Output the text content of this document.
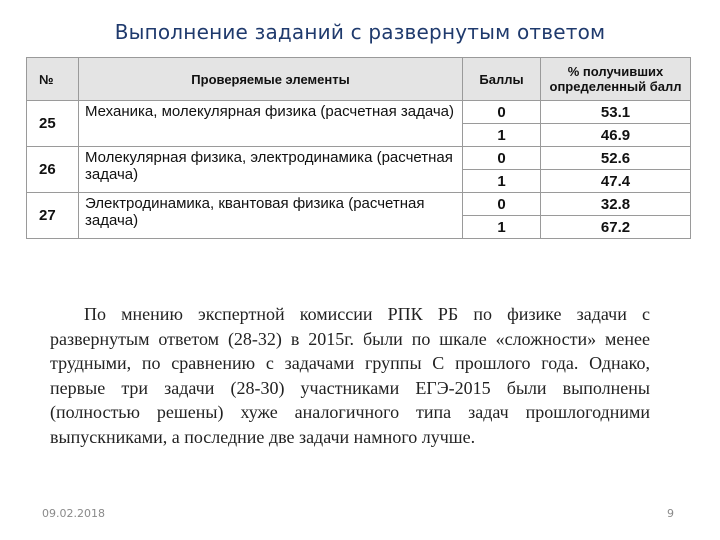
Выполнение заданий с развернутым ответом
№	Проверяемые элементы	Баллы	% получивших определенный балл
25	Механика, молекулярная физика (расчетная задача)	0	53.1
		1	46.9
26	Молекулярная физика, электродинамика (расчетная задача)	0	52.6
		1	47.4
27	Электродинамика, квантовая физика (расчетная задача)	0	32.8
		1	67.2

По мнению экспертной комиссии РПК РБ по физике задачи с развернутым ответом (28-32) в 2015г. были по шкале «сложности» менее трудными, по сравнению с задачами группы С прошлого года. Однако, первые три задачи (28-30) участниками ЕГЭ-2015 были выполнены (полностью решены) хуже аналогичного типа задач прошлогодними выпускниками, а последние две задачи намного лучше.

09.02.2018	9
